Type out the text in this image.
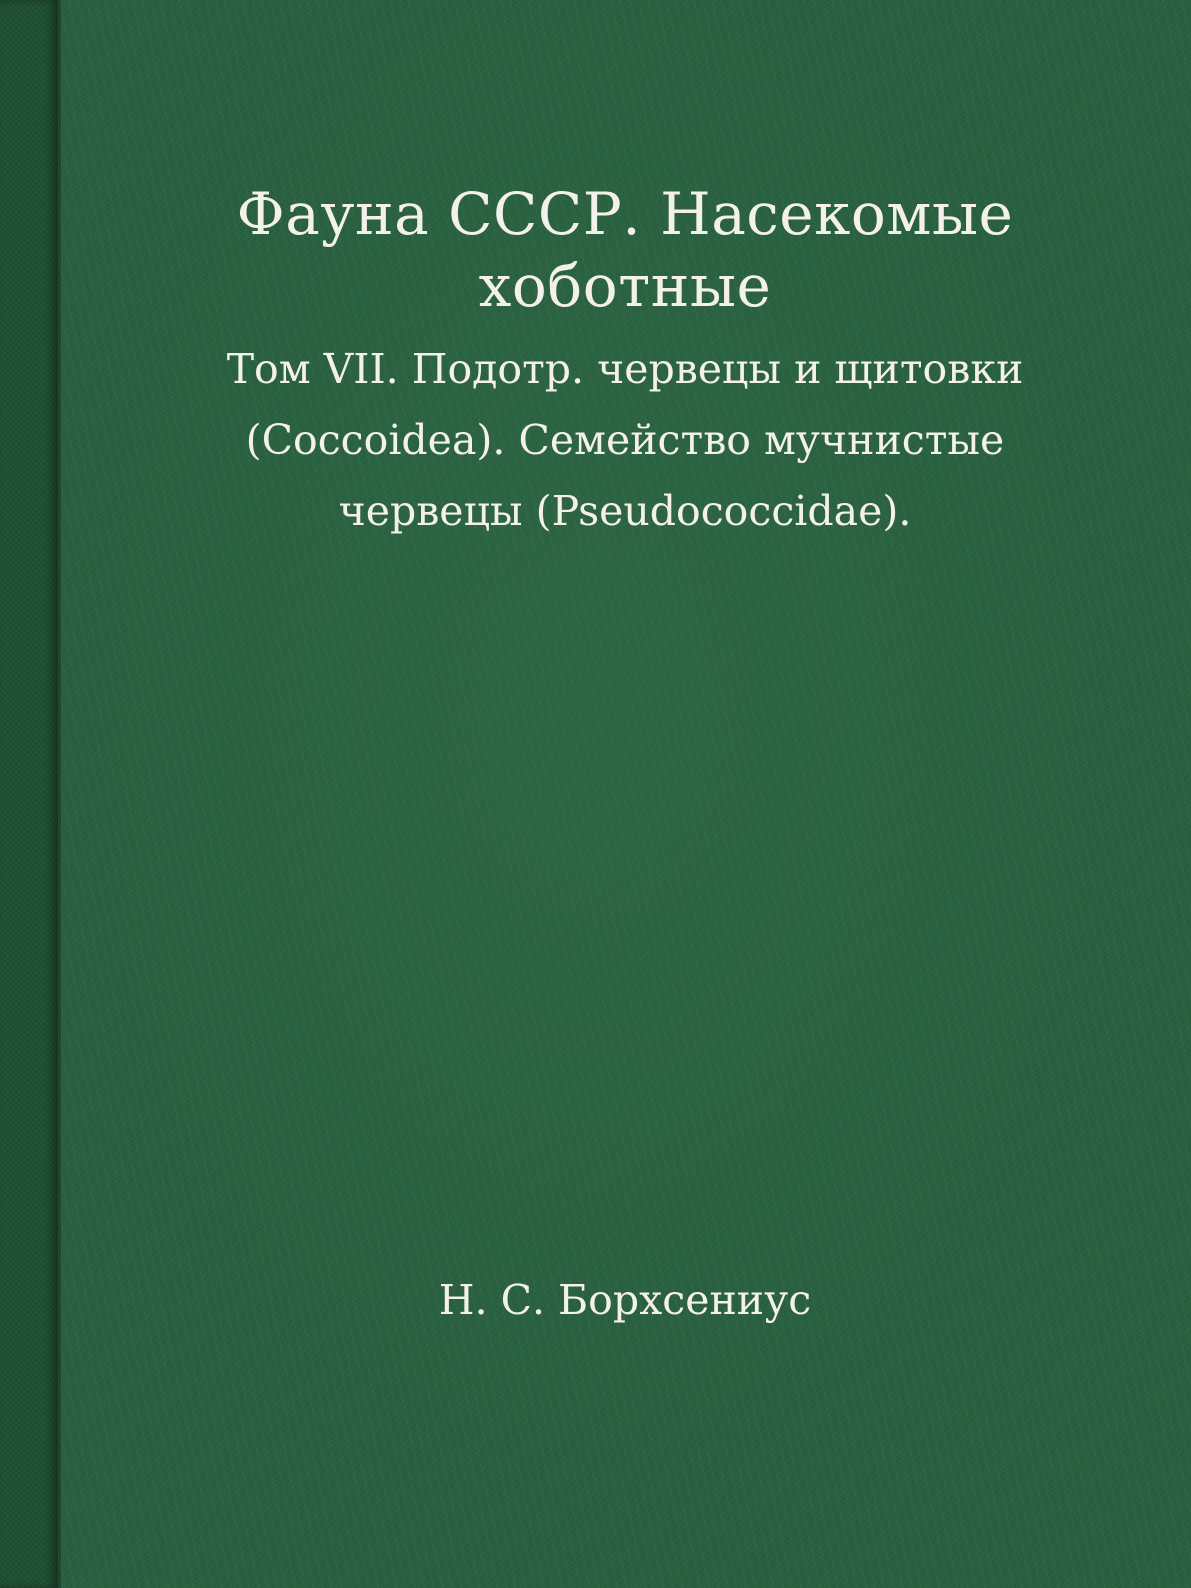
Фауна СССР. Насекомые
хоботные
Том VII. Подотр. червецы и щитовки
(Coccoidea). Семейство мучнистые
червецы (Pseudococcidae).
Н. С. Борхсениус
